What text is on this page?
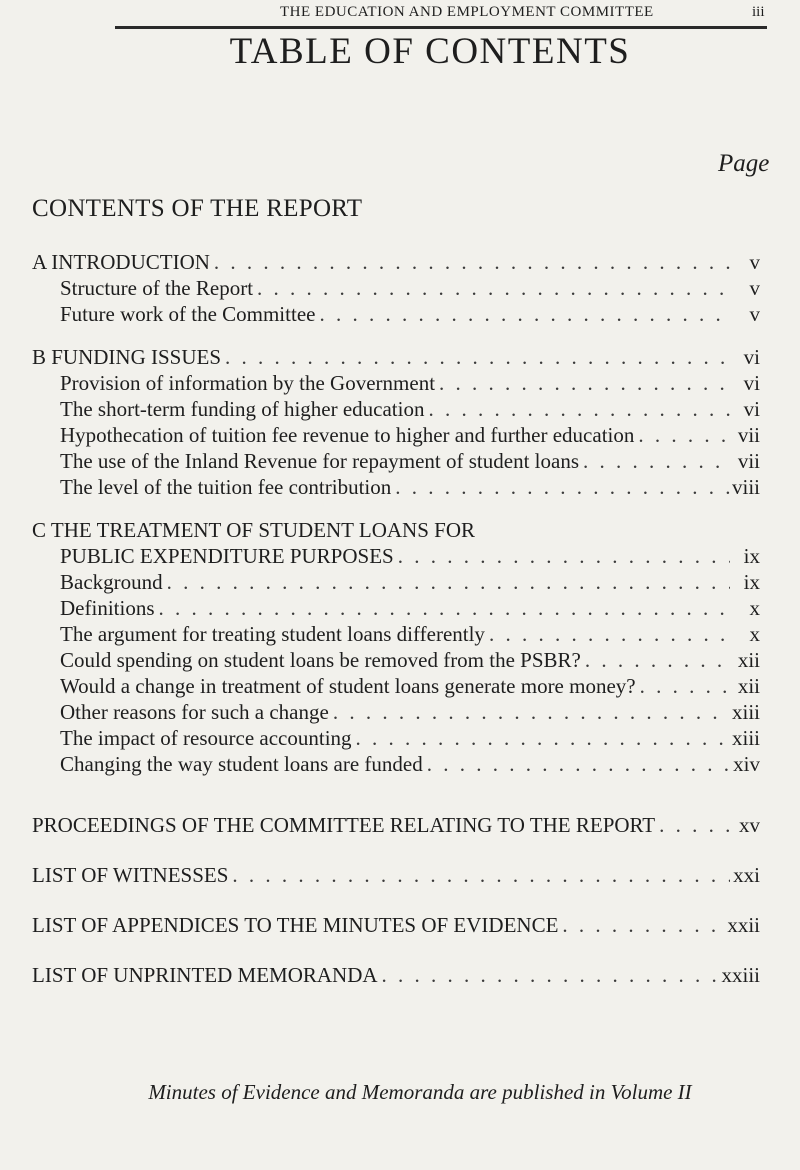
THE EDUCATION AND EMPLOYMENT COMMITTEE	iii
TABLE OF CONTENTS
Page
CONTENTS OF THE REPORT
A INTRODUCTION . . .	v
Structure of the Report . . .	v
Future work of the Committee . . .	v
B FUNDING ISSUES . . .	vi
Provision of information by the Government . . .	vi
The short-term funding of higher education . . .	vi
Hypothecation of tuition fee revenue to higher and further education . . .	vii
The use of the Inland Revenue for repayment of student loans . . .	vii
The level of the tuition fee contribution . . .	viii
C THE TREATMENT OF STUDENT LOANS FOR
PUBLIC EXPENDITURE PURPOSES . . .	ix
Background . . .	ix
Definitions . . .	x
The argument for treating student loans differently . . .	x
Could spending on student loans be removed from the PSBR? . . .	xii
Would a change in treatment of student loans generate more money? . . .	xii
Other reasons for such a change . . .	xiii
The impact of resource accounting . . .	xiii
Changing the way student loans are funded . . .	xiv
PROCEEDINGS OF THE COMMITTEE RELATING TO THE REPORT . . .	xv
LIST OF WITNESSES . . .	xxi
LIST OF APPENDICES TO THE MINUTES OF EVIDENCE . . .	xxii
LIST OF UNPRINTED MEMORANDA . . .	xxiii
Minutes of Evidence and Memoranda are published in Volume II
